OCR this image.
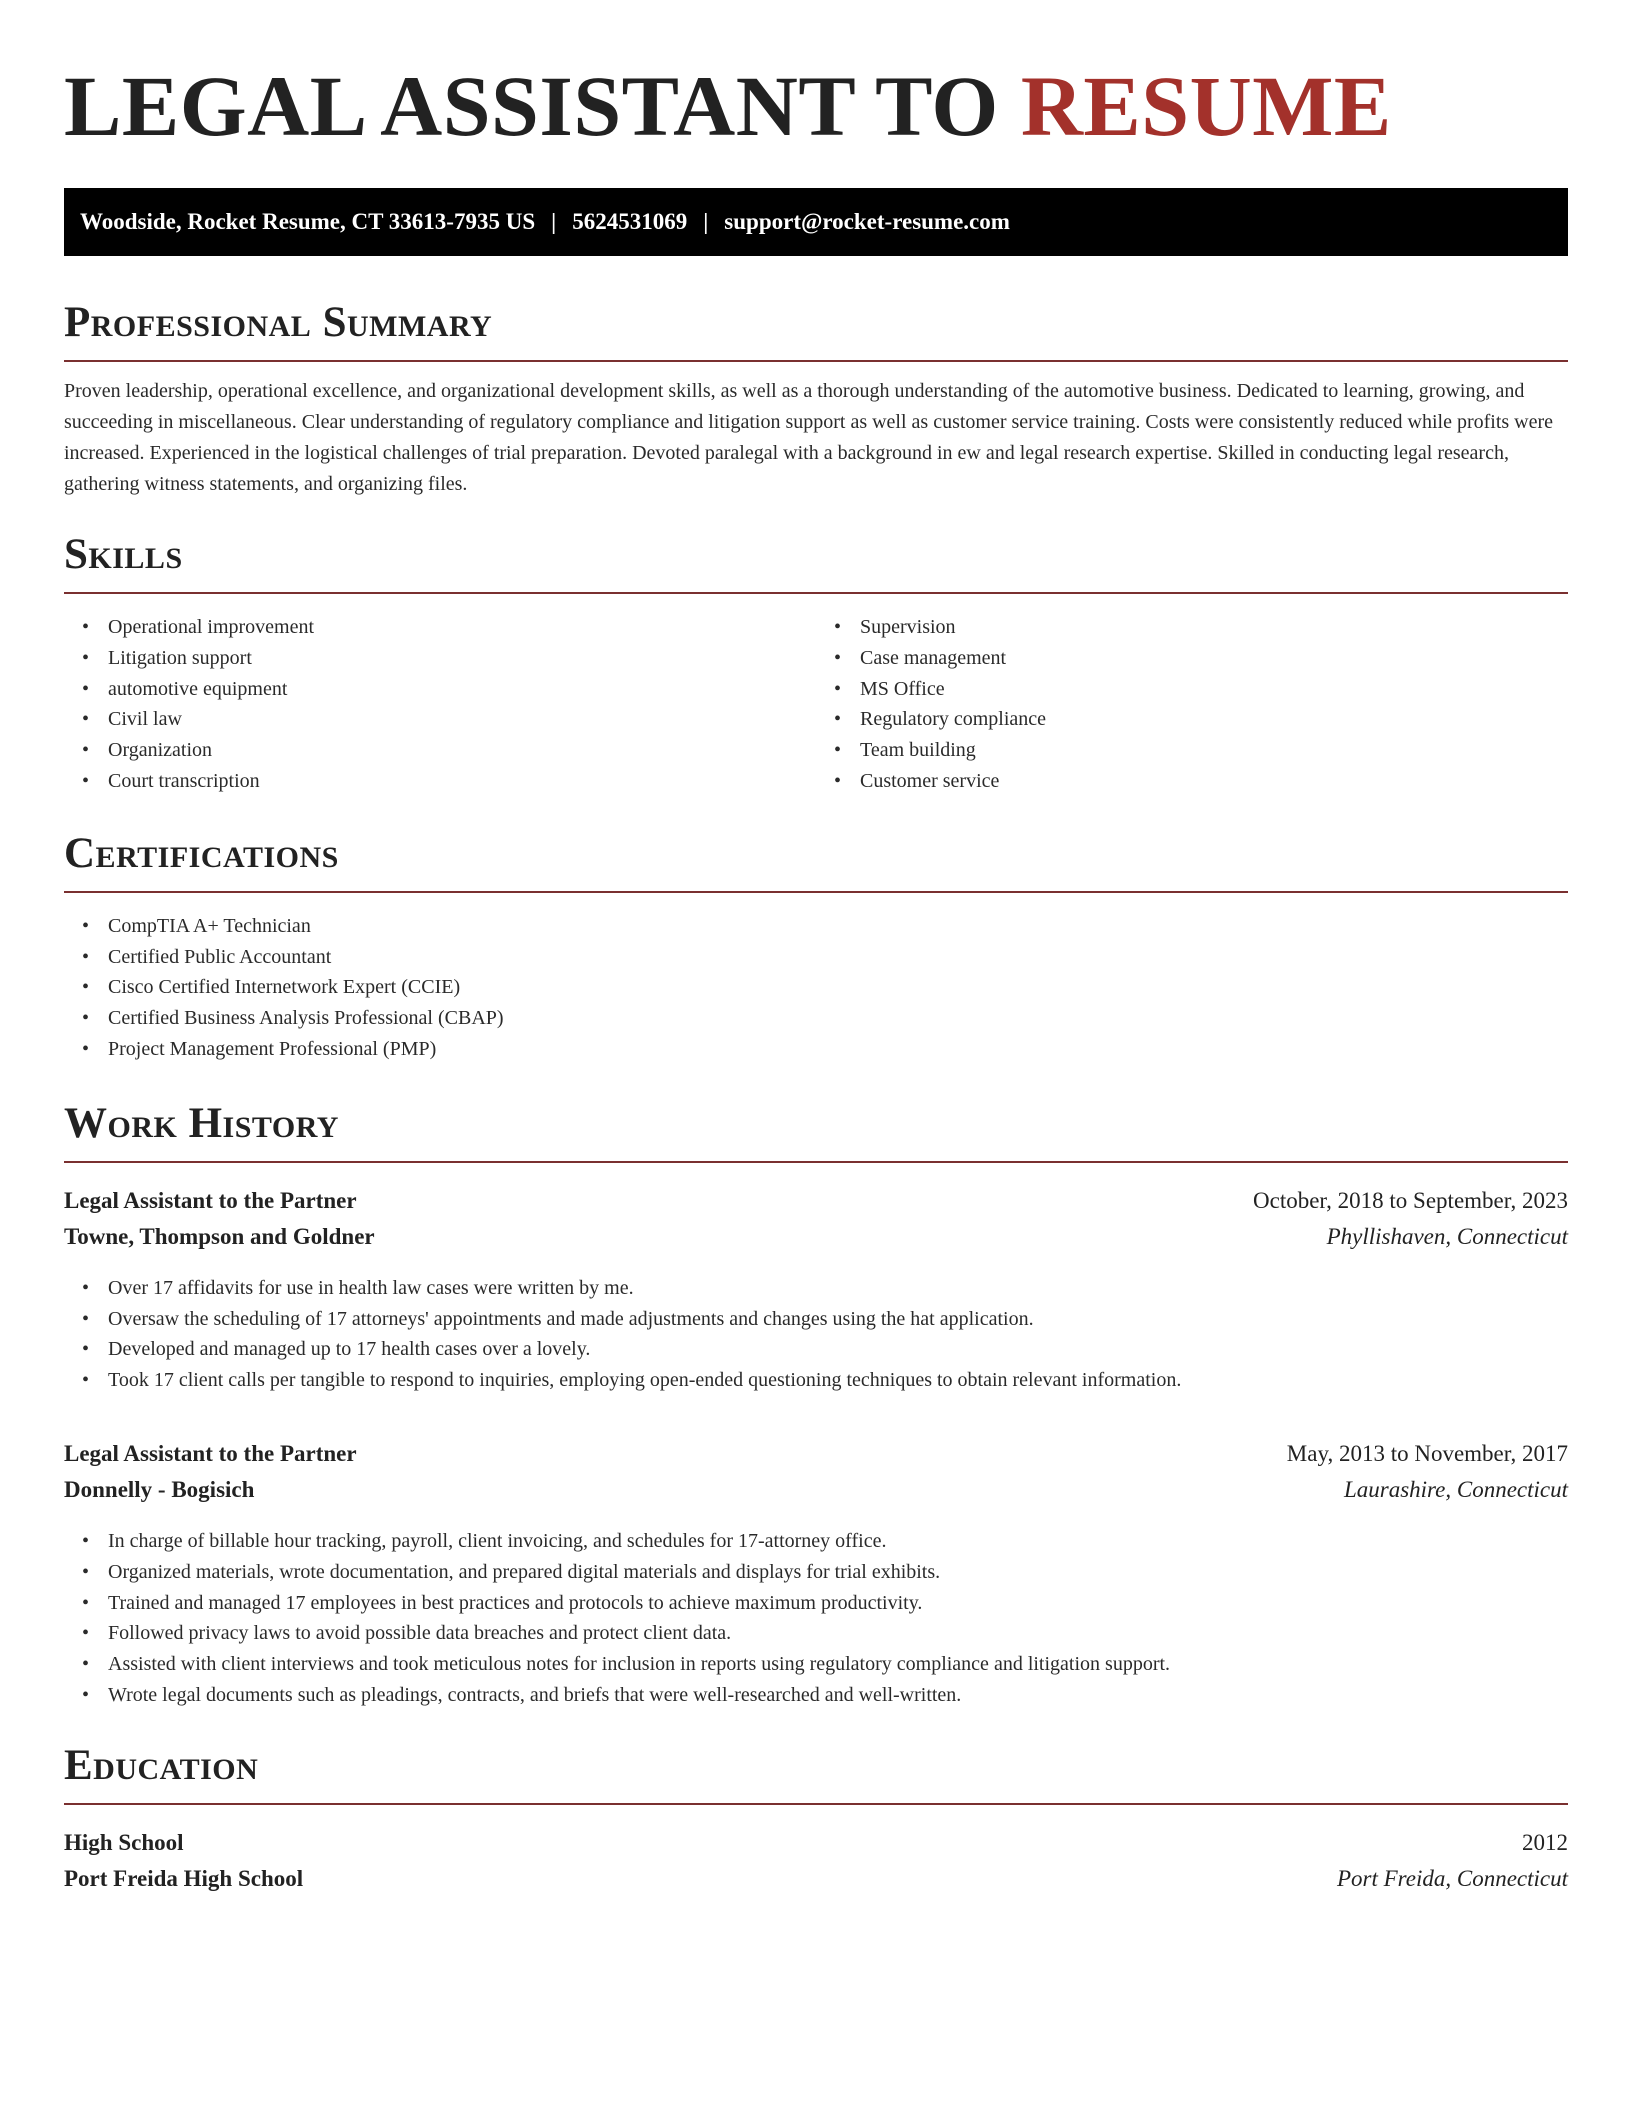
LEGAL ASSISTANT TO RESUME
Woodside, Rocket Resume, CT 33613-7935 US | 5624531069 | support@rocket-resume.com
Professional Summary

Proven leadership, operational excellence, and organizational development skills, as well as a thorough understanding of the automotive business. Dedicated to learning, growing, and succeeding in miscellaneous. Clear understanding of regulatory compliance and litigation support as well as customer service training. Costs were consistently reduced while profits were increased. Experienced in the logistical challenges of trial preparation. Devoted paralegal with a background in ew and legal research expertise. Skilled in conducting legal research, gathering witness statements, and organizing files.

Skills
• Operational improvement
• Litigation support
• automotive equipment
• Civil law
• Organization
• Court transcription
• Supervision
• Case management
• MS Office
• Regulatory compliance
• Team building
• Customer service
Certifications
• CompTIA A+ Technician
• Certified Public Accountant
• Cisco Certified Internetwork Expert (CCIE)
• Certified Business Analysis Professional (CBAP)
• Project Management Professional (PMP)
Work History
Legal Assistant to the Partner	October, 2018 to September, 2023
Towne, Thompson and Goldner	Phyllishaven, Connecticut
• Over 17 affidavits for use in health law cases were written by me.
• Oversaw the scheduling of 17 attorneys' appointments and made adjustments and changes using the hat application.
• Developed and managed up to 17 health cases over a lovely.
• Took 17 client calls per tangible to respond to inquiries, employing open-ended questioning techniques to obtain relevant information.
Legal Assistant to the Partner	May, 2013 to November, 2017
Donnelly - Bogisich	Laurashire, Connecticut
• In charge of billable hour tracking, payroll, client invoicing, and schedules for 17-attorney office.
• Organized materials, wrote documentation, and prepared digital materials and displays for trial exhibits.
• Trained and managed 17 employees in best practices and protocols to achieve maximum productivity.
• Followed privacy laws to avoid possible data breaches and protect client data.
• Assisted with client interviews and took meticulous notes for inclusion in reports using regulatory compliance and litigation support.
• Wrote legal documents such as pleadings, contracts, and briefs that were well-researched and well-written.
Education
High School	2012
Port Freida High School	Port Freida, Connecticut
